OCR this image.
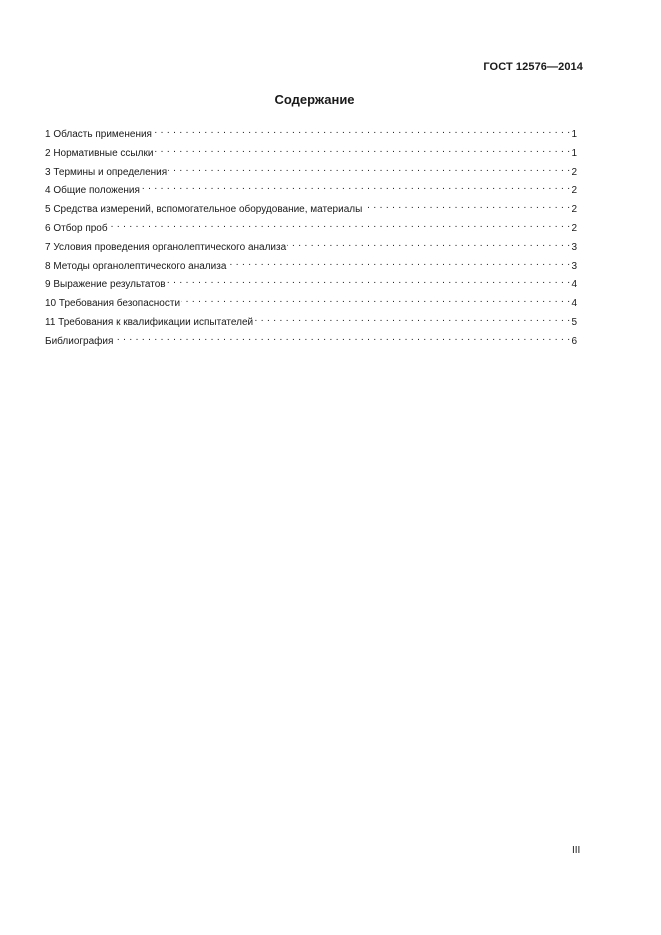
ГОСТ 12576—2014
Содержание
1 Область применения . . .	1
2 Нормативные ссылки . . .	1
3 Термины и определения . . .	2
4 Общие положения . . .	2
5 Средства измерений, вспомогательное оборудование, материалы . . .	2
6 Отбор проб . . .	2
7 Условия проведения органолептического анализа . . .	3
8 Методы органолептического анализа . . .	3
9 Выражение результатов . . .	4
10 Требования безопасности . . .	4
11 Требования к квалификации испытателей . . .	5
Библиография . . .	6
III
